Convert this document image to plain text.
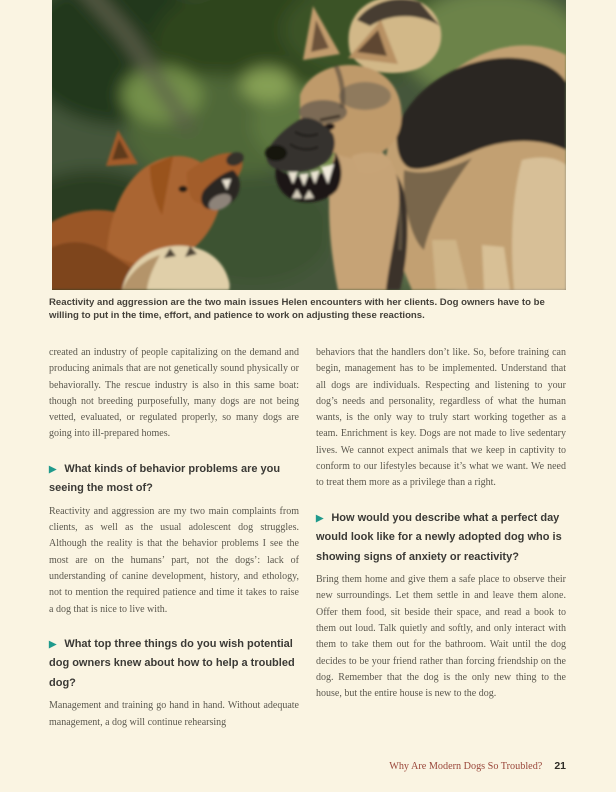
Reactivity and aggression are the two main issues Helen encounters with her clients. Dog owners have to be willing to put in the time, effort, and patience to work on adjusting these reactions.

created an industry of people capitalizing on the demand and producing animals that are not genetically sound physically or behaviorally. The rescue industry is also in this same boat: though not breeding purposefully, many dogs are not being vetted, evaluated, or regulated properly, so many dogs are going into ill-prepared homes.

▶ What kinds of behavior problems are you seeing the most of?

Reactivity and aggression are my two main complaints from clients, as well as the usual adolescent dog struggles. Although the reality is that the behavior problems I see the most are on the humans’ part, not the dogs’: lack of understanding of canine development, history, and ethology, not to mention the required patience and time it takes to raise a dog that is nice to live with.

▶ What top three things do you wish potential dog owners knew about how to help a troubled dog?

Management and training go hand in hand. Without adequate management, a dog will continue rehearsing

behaviors that the handlers don’t like. So, before training can begin, management has to be implemented. Understand that all dogs are individuals. Respecting and listening to your dog’s needs and personality, regardless of what the human wants, is the only way to truly start working together as a team. Enrichment is key. Dogs are not made to live sedentary lives. We cannot expect animals that we keep in captivity to conform to our lifestyles because it’s what we want. We need to treat them more as a privilege than a right.

▶ How would you describe what a perfect day would look like for a newly adopted dog who is showing signs of anxiety or reactivity?

Bring them home and give them a safe place to observe their new surroundings. Let them settle in and leave them alone. Offer them food, sit beside their space, and read a book to them out loud. Talk quietly and softly, and only interact with them to take them out for the bathroom. Wait until the dog decides to be your friend rather than forcing friendship on the dog. Remember that the dog is the only new thing to the house, but the entire house is new to the dog.

Why Are Modern Dogs So Troubled? 21
